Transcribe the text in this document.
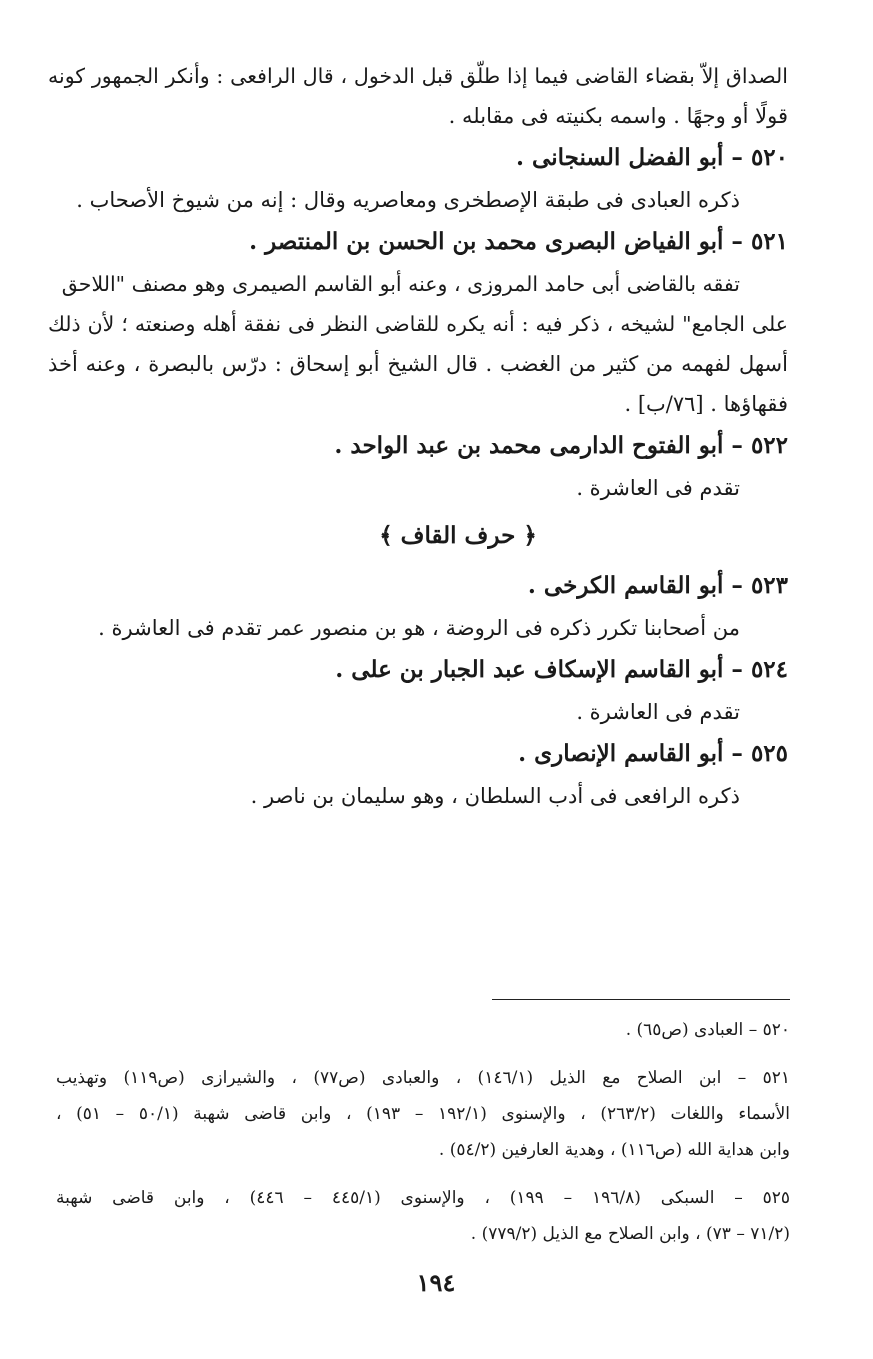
الصداق إلاّ بقضاء القاضى فيما إذا طلّق قبل الدخول ، قال الرافعى : وأنكر الجمهور كونه
قولًا أو وجهًا . واسمه بكنيته فى مقابله .
٥٢٠ – أبو الفضل السنجانى .
ذكره العبادى فى طبقة الإصطخرى ومعاصريه وقال : إنه من شيوخ الأصحاب .
٥٢١ – أبو الفياض البصرى محمد بن الحسن بن المنتصر .
تفقه بالقاضى أبى حامد المروزى ، وعنه أبو القاسم الصيمرى وهو مصنف "اللاحق
على الجامع" لشيخه ، ذكر فيه : أنه يكره للقاضى النظر فى نفقة أهله وصنعته ؛ لأن ذلك
أسهل لفهمه من كثير من الغضب . قال الشيخ أبو إسحاق : درّس بالبصرة ، وعنه أخذ
فقهاؤها . [٧٦/ب] .
٥٢٢ – أبو الفتوح الدارمى محمد بن عبد الواحد .
تقدم فى العاشرة .
﴿ حرف القاف ﴾
٥٢٣ – أبو القاسم الكرخى .
من أصحابنا تكرر ذكره فى الروضة ، هو بن منصور عمر تقدم فى العاشرة .
٥٢٤ – أبو القاسم الإسكاف عبد الجبار بن على .
تقدم فى العاشرة .
٥٢٥ – أبو القاسم الإنصارى .
ذكره الرافعى فى أدب السلطان ، وهو سليمان بن ناصر .
٥٢٠ – العبادى (ص٦٥) .
٥٢١ – ابن الصلاح مع الذيل (١٤٦/١) ، والعبادى (ص٧٧) ، والشيرازى (ص١١٩) وتهذيب
الأسماء واللغات (٢٦٣/٢) ، والإسنوى (١٩٢/١ – ١٩٣) ، وابن قاضى شهبة (٥٠/١ – ٥١) ،
وابن هداية الله (ص١١٦) ، وهدية العارفين (٥٤/٢) .
٥٢٥ – السبكى (١٩٦/٨ – ١٩٩) ، والإسنوى (٤٤٥/١ – ٤٤٦) ، وابن قاضى شهبة
(٧١/٢ – ٧٣) ، وابن الصلاح مع الذيل (٧٧٩/٢) .
١٩٤
